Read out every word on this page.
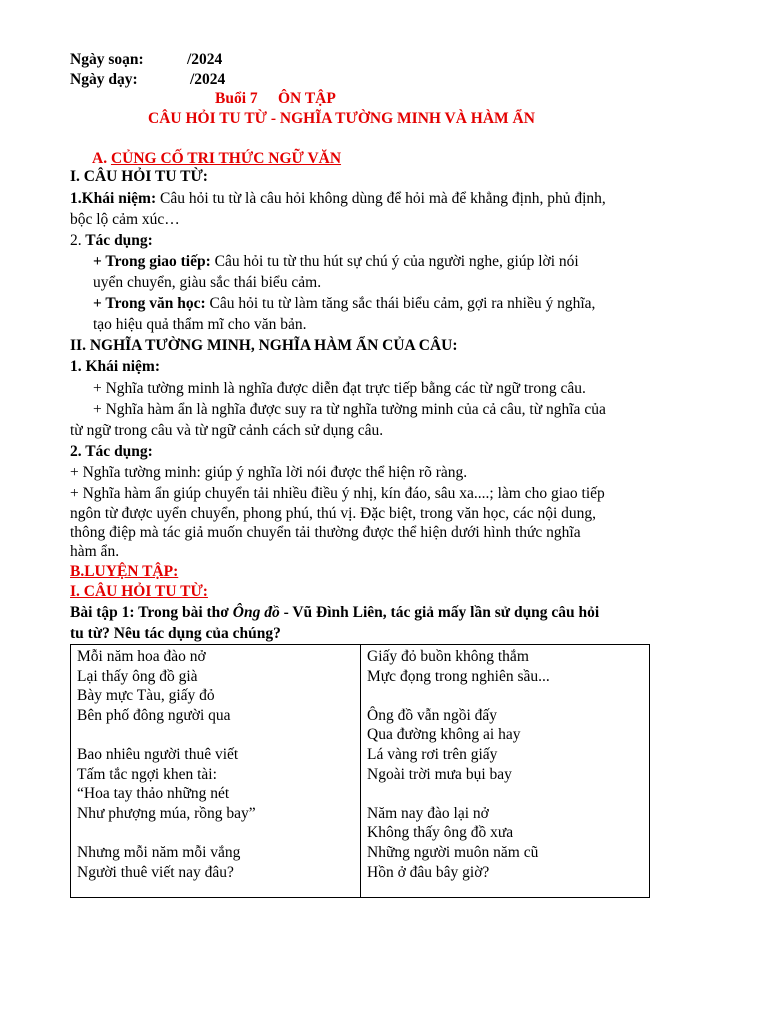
Ngày soạn:	/2024
Ngày dạy:	/2024
Buổi 7 ÔN TẬP
CÂU HỎI TU TỪ - NGHĨA TƯỜNG MINH VÀ HÀM ẨN
A. CỦNG CỐ TRI THỨC NGỮ VĂN
I. CÂU HỎI TU TỪ:
1.Khái niệm: Câu hỏi tu từ là câu hỏi không dùng để hỏi mà để khẳng định, phủ định,
bộc lộ cảm xúc…
2. Tác dụng:
+ Trong giao tiếp: Câu hỏi tu từ thu hút sự chú ý của người nghe, giúp lời nói
uyển chuyển, giàu sắc thái biểu cảm.
+ Trong văn học: Câu hỏi tu từ làm tăng sắc thái biểu cảm, gợi ra nhiều ý nghĩa,
tạo hiệu quả thẩm mĩ cho văn bản.
II. NGHĨA TƯỜNG MINH, NGHĨA HÀM ẨN CỦA CÂU:
1. Khái niệm:
+ Nghĩa tường minh là nghĩa được diễn đạt trực tiếp bằng các từ ngữ trong câu.
+ Nghĩa hàm ẩn là nghĩa được suy ra từ nghĩa tường minh của cả câu, từ nghĩa của
từ ngữ trong câu và từ ngữ cảnh cách sử dụng câu.
2. Tác dụng:
+ Nghĩa tường minh: giúp ý nghĩa lời nói được thể hiện rõ ràng.
+ Nghĩa hàm ẩn giúp chuyển tải nhiều điều ý nhị, kín đáo, sâu xa....; làm cho giao tiếp
ngôn từ được uyển chuyển, phong phú, thú vị. Đặc biệt, trong văn học, các nội dung,
thông điệp mà tác giả muốn chuyển tải thường được thể hiện dưới hình thức nghĩa
hàm ẩn.
B.LUYỆN TẬP:
I. CÂU HỎI TU TỪ:
Bài tập 1: Trong bài thơ Ông đồ - Vũ Đình Liên, tác giả mấy lần sử dụng câu hỏi
tu từ? Nêu tác dụng của chúng?
Mỗi năm hoa đào nở
Lại thấy ông đồ già
Bày mực Tàu, giấy đỏ
Bên phố đông người qua
Bao nhiêu người thuê viết
Tấm tắc ngợi khen tài:
“Hoa tay thảo những nét
Như phượng múa, rồng bay”
Nhưng mỗi năm mỗi vắng
Người thuê viết nay đâu?
Giấy đỏ buồn không thắm
Mực đọng trong nghiên sầu...
Ông đồ vẫn ngồi đấy
Qua đường không ai hay
Lá vàng rơi trên giấy
Ngoài trời mưa bụi bay
Năm nay đào lại nở
Không thấy ông đồ xưa
Những người muôn năm cũ
Hồn ở đâu bây giờ?
